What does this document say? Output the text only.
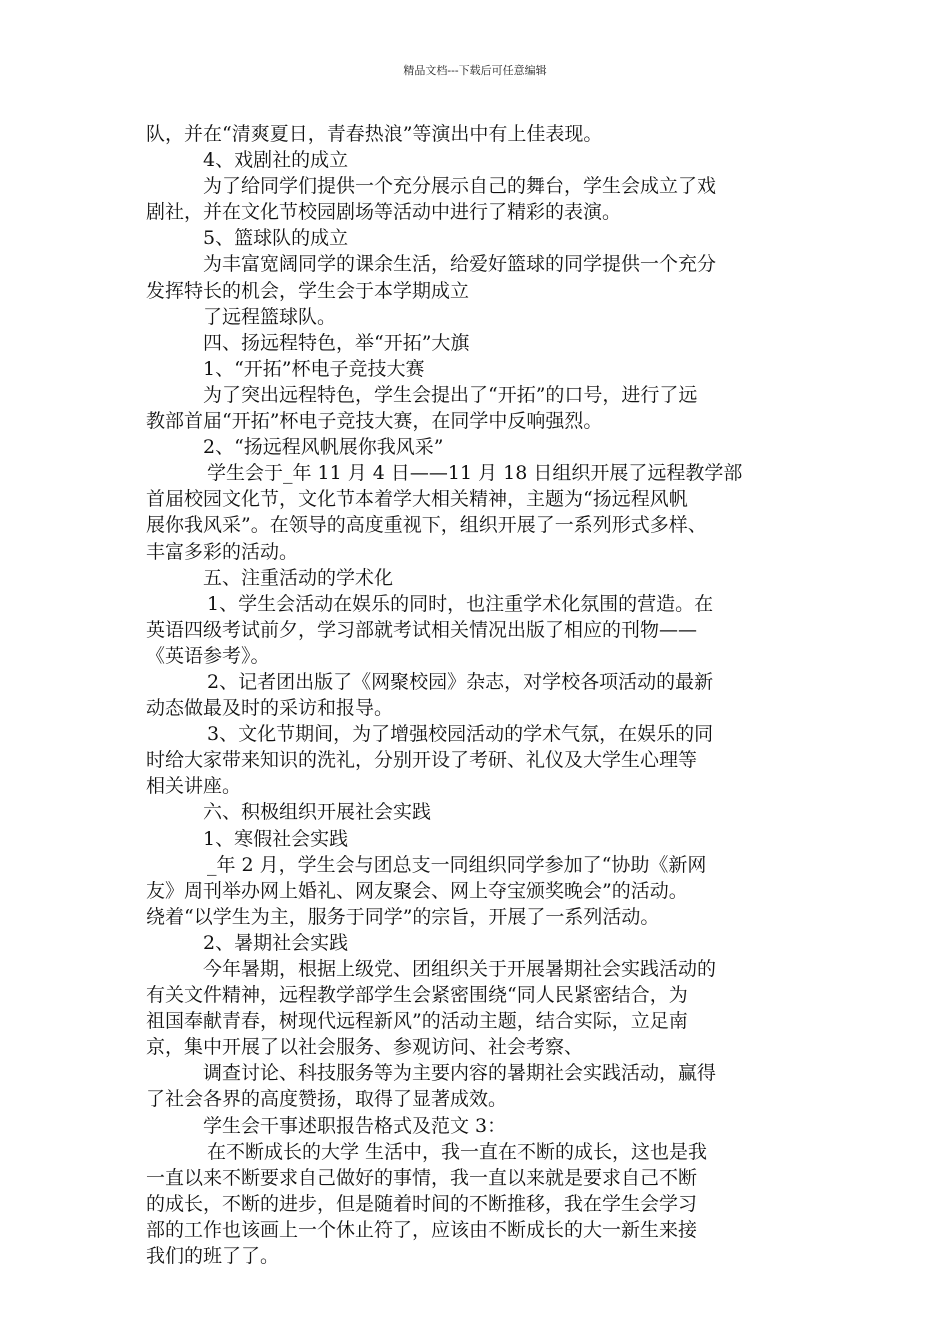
精品文档---下载后可任意编辑
队，并在“清爽夏日，青春热浪”等演出中有上佳表现。
4、戏剧社的成立
为了给同学们提供一个充分展示自己的舞台，学生会成立了戏
剧社，并在文化节校园剧场等活动中进行了精彩的表演。
5、篮球队的成立
为丰富宽阔同学的课余生活，给爱好篮球的同学提供一个充分
发挥特长的机会，学生会于本学期成立
了远程篮球队。
四、扬远程特色，举“开拓”大旗
1、“开拓”杯电子竞技大赛
为了突出远程特色，学生会提出了“开拓”的口号，进行了远
教部首届“开拓”杯电子竞技大赛，在同学中反响强烈。
2、“扬远程风帆展你我风采”
学生会于_年 11 月 4 日——11 月 18 日组织开展了远程教学部
首届校园文化节，文化节本着学大相关精神，主题为“扬远程风帆
展你我风采”。在领导的高度重视下，组织开展了一系列形式多样、
丰富多彩的活动。
五、注重活动的学术化
1、学生会活动在娱乐的同时，也注重学术化氛围的营造。在
英语四级考试前夕，学习部就考试相关情况出版了相应的刊物——
《英语参考》。
2、记者团出版了《网聚校园》杂志，对学校各项活动的最新
动态做最及时的采访和报导。
3、文化节期间，为了增强校园活动的学术气氛，在娱乐的同
时给大家带来知识的洗礼，分别开设了考研、礼仪及大学生心理等
相关讲座。
六、积极组织开展社会实践
1、寒假社会实践
_年 2 月，学生会与团总支一同组织同学参加了“协助《新网
友》周刊举办网上婚礼、网友聚会、网上夺宝颁奖晚会”的活动。
绕着“以学生为主，服务于同学”的宗旨，开展了一系列活动。
2、暑期社会实践
今年暑期，根据上级党、团组织关于开展暑期社会实践活动的
有关文件精神，远程教学部学生会紧密围绕“同人民紧密结合，为
祖国奉献青春，树现代远程新风”的活动主题，结合实际，立足南
京，集中开展了以社会服务、参观访问、社会考察、
调查讨论、科技服务等为主要内容的暑期社会实践活动，赢得
了社会各界的高度赞扬，取得了显著成效。
学生会干事述职报告格式及范文 3：
在不断成长的大学 生活中，我一直在不断的成长，这也是我
一直以来不断要求自己做好的事情，我一直以来就是要求自己不断
的成长，不断的进步，但是随着时间的不断推移，我在学生会学习
部的工作也该画上一个休止符了，应该由不断成长的大一新生来接
我们的班了了。
